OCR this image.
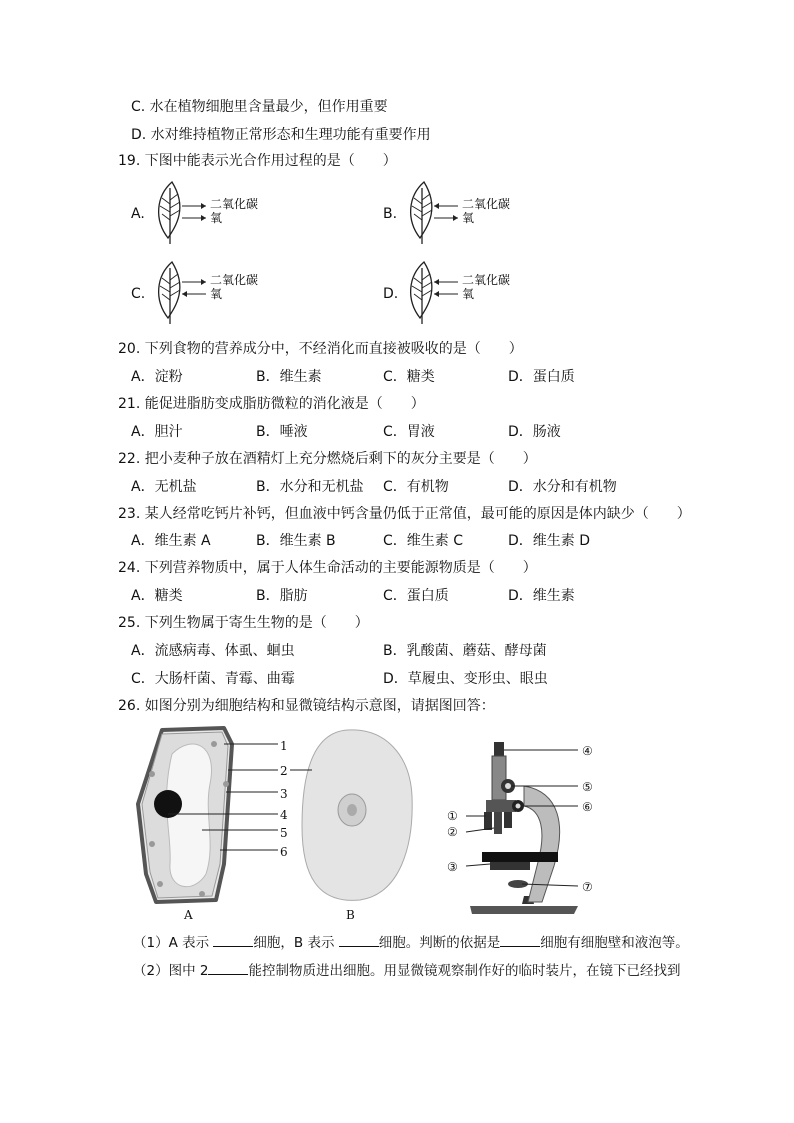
C. 水在植物细胞里含量最少，但作用重要
D. 水对维持植物正常形态和生理功能有重要作用
19. 下图中能表示光合作用过程的是（　　）
A.	B.
C.	D.
二氧化碳
氧
二氧化碳
氧
二氧化碳
氧
二氧化碳
氧
20. 下列食物的营养成分中，不经消化而直接被吸收的是（　　）
A．淀粉	B．维生素	C．糖类	D．蛋白质
21. 能促进脂肪变成脂肪微粒的消化液是（　　）
A．胆汁	B．唾液	C．胃液	D．肠液
22. 把小麦种子放在酒精灯上充分燃烧后剩下的灰分主要是（　　）
A．无机盐	B．水分和无机盐 C．有机物	D．水分和有机物
23. 某人经常吃钙片补钙，但血液中钙含量仍低于正常值，最可能的原因是体内缺少（　　）
A．维生素 A	B．维生素 B	C．维生素 C	D．维生素 D
24. 下列营养物质中，属于人体生命活动的主要能源物质是（　　）
A．糖类	B．脂肪	C．蛋白质	D．维生素
25. 下列生物属于寄生生物的是（　　）
A．流感病毒、体虱、蛔虫	B．乳酸菌、蘑菇、酵母菌
C．大肠杆菌、青霉、曲霉	D．草履虫、变形虫、眼虫
26. 如图分别为细胞结构和显微镜结构示意图，请据图回答：
1
2
3
4
5
6
A	B
④
⑤
⑥
①
②
③
⑦
（1）A 表示	细胞，B 表示	细胞。判断的依据是	细胞有细胞壁和液泡等。
（2）图中 2	能控制物质进出细胞。用显微镜观察制作好的临时装片，在镜下已经找到
